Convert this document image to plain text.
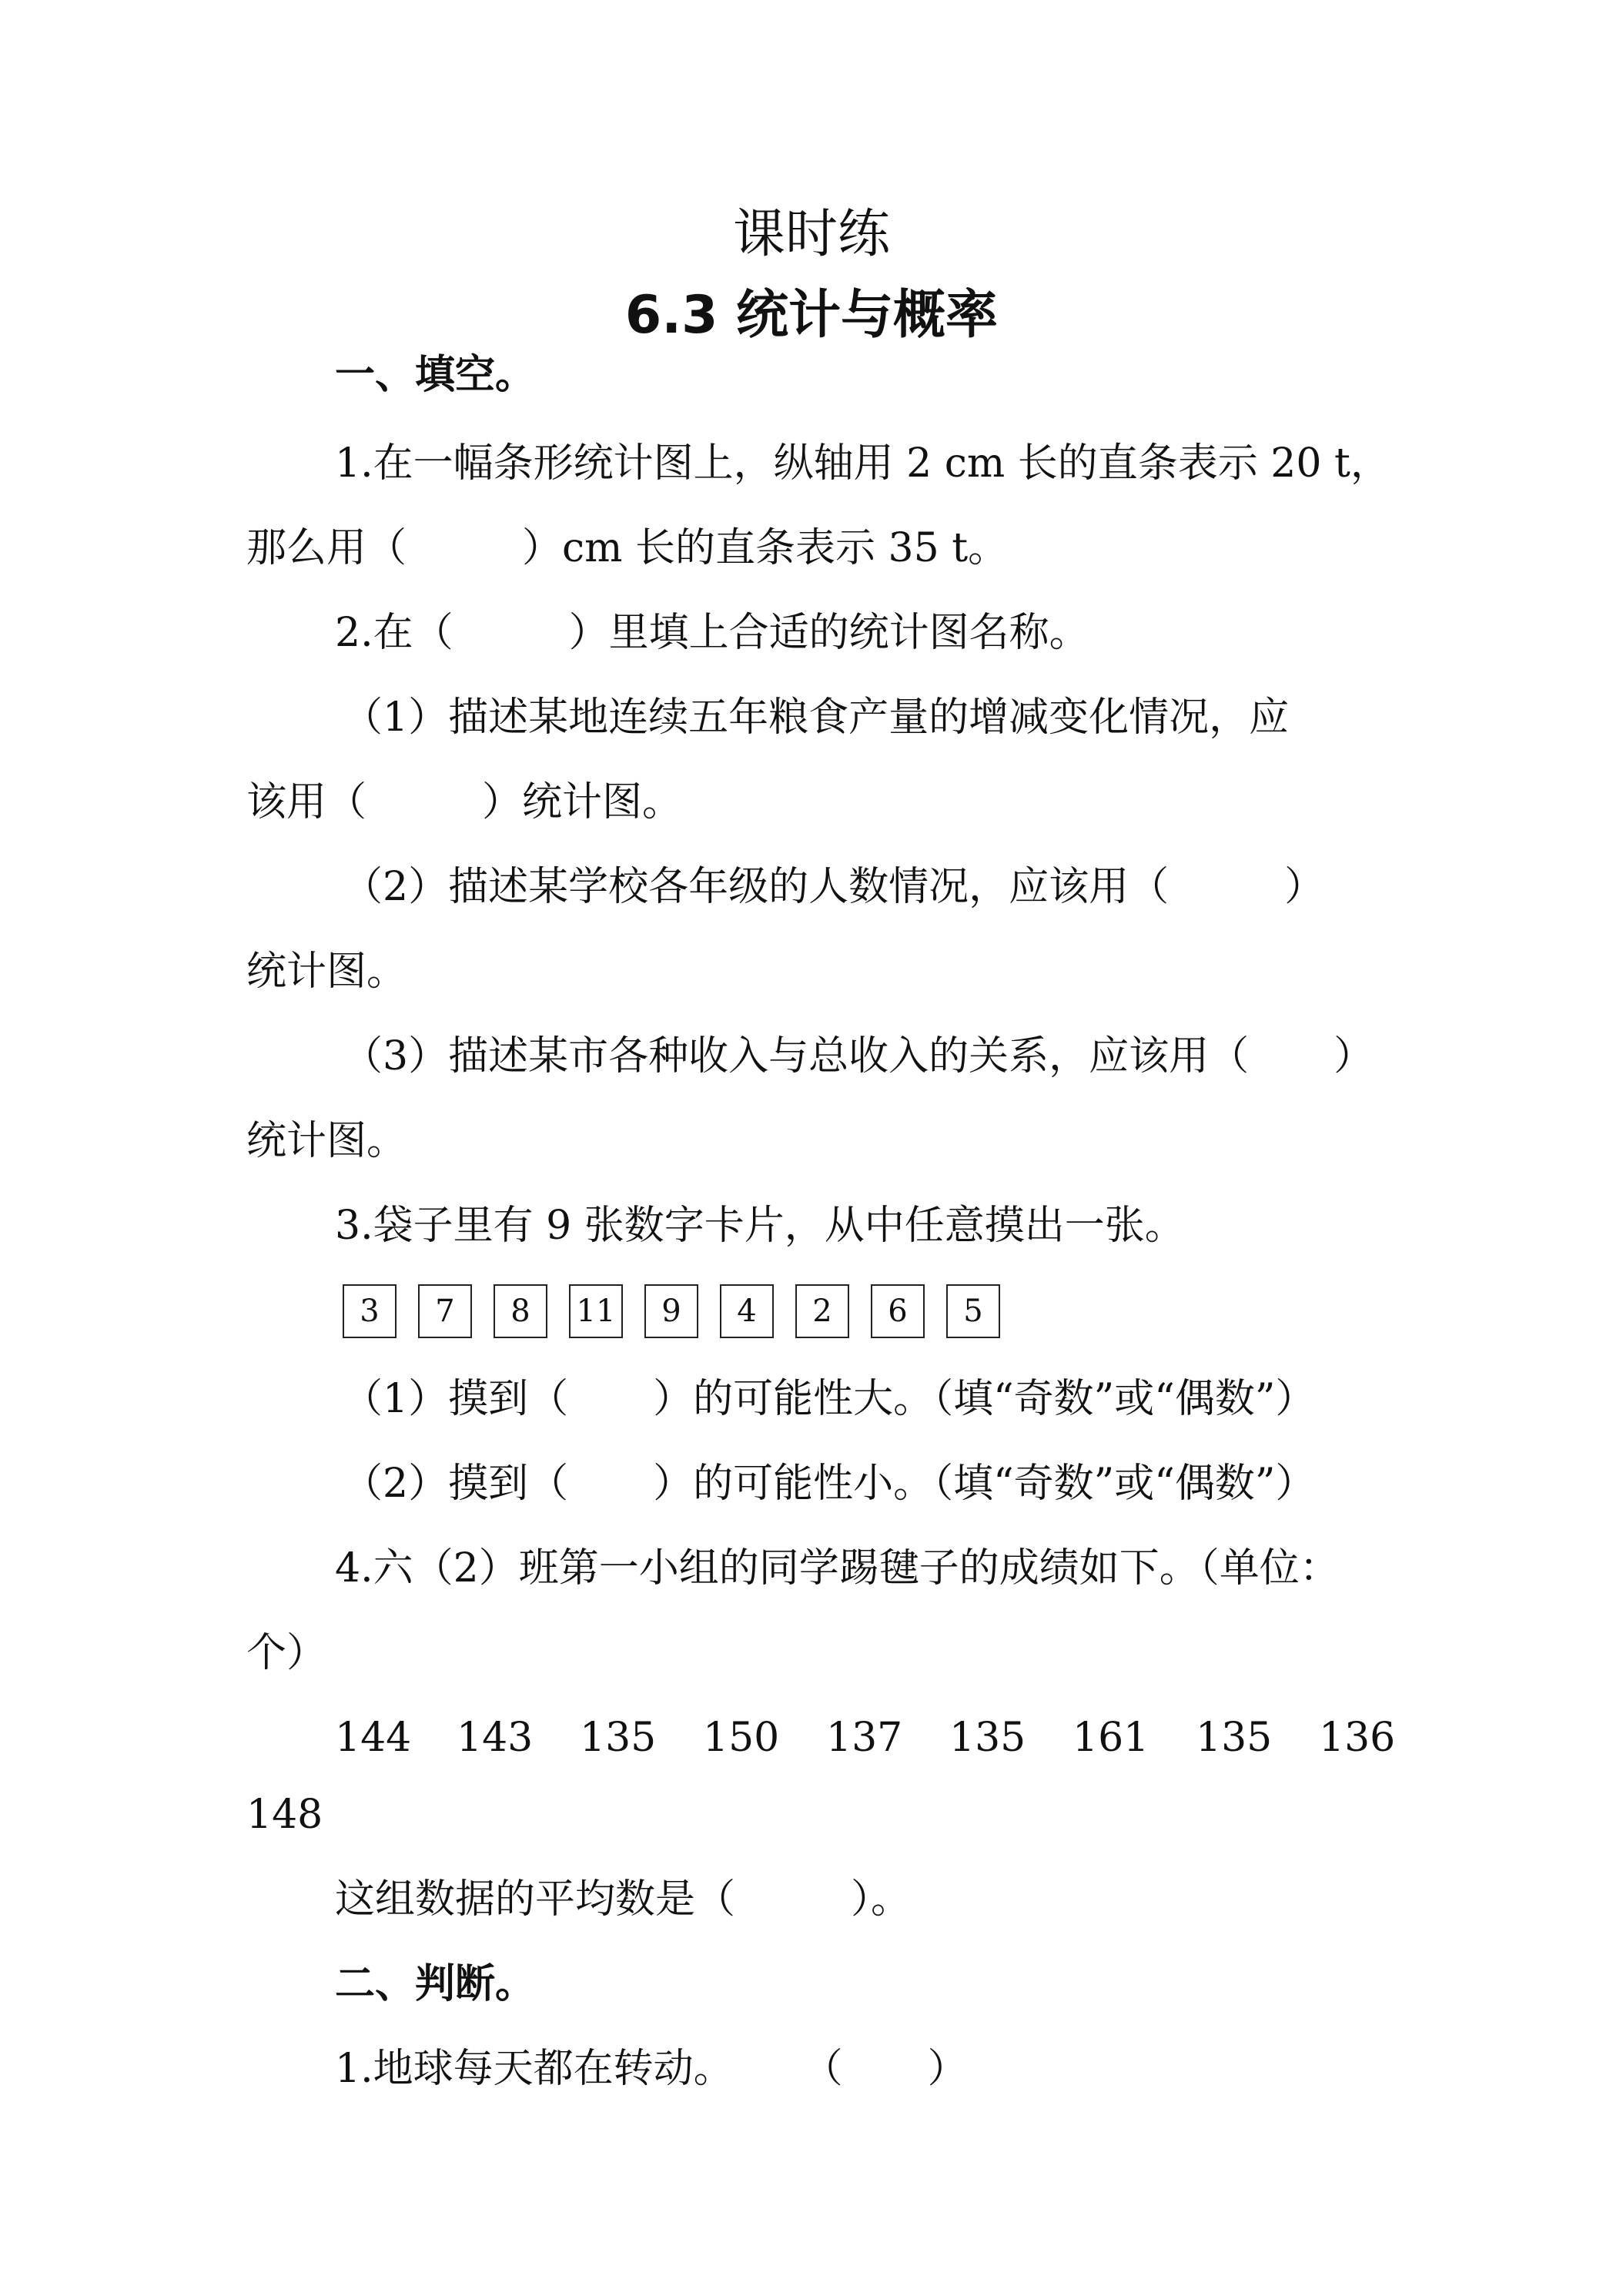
课时练
6.3 统计与概率
一、填空。
1.在一幅条形统计图上，纵轴用 2 cm 长的直条表示 20 t，
那么用（	）cm 长的直条表示 35 t。
2.在（	）里填上合适的统计图名称。
（1）描述某地连续五年粮食产量的增减变化情况，应
该用（	）统计图。
（2）描述某学校各年级的人数情况，应该用（	）
统计图。
（3）描述某市各种收入与总收入的关系，应该用（ ）
统计图。
3.袋子里有 9 张数字卡片，从中任意摸出一张。
3	7	8	11	9	4	2	6	5
（1）摸到（ ）的可能性大。（填“奇数”或“偶数”）
（2）摸到（ ）的可能性小。（填“奇数”或“偶数”）
4.六（2）班第一小组的同学踢毽子的成绩如下。（单位：
个）
144 143 135 150 137 135 161 135 136
148
这组数据的平均数是（	）。
二、判断。
1.地球每天都在转动。 （ ）
